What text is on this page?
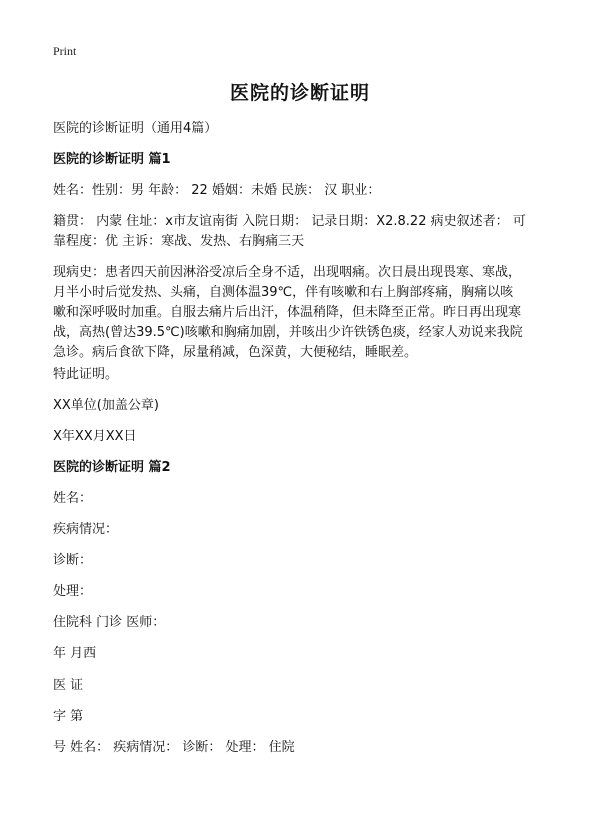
Print
医院的诊断证明
医院的诊断证明（通用4篇）
医院的诊断证明 篇1
姓名：性别：男 年龄： 22 婚姻：未婚 民族： 汉 职业：
籍贯： 内蒙 住址：x市友谊南街 入院日期： 记录日期：X2.8.22 病史叙述者： 可
靠程度：优 主诉：寒战、发热、右胸痛三天
现病史：患者四天前因淋浴受凉后全身不适，出现咽痛。次日晨出现畏寒、寒战，
月半小时后觉发热、头痛，自测体温39℃，伴有咳嗽和右上胸部疼痛，胸痛以咳
嗽和深呼吸时加重。自服去痛片后出汗，体温稍降，但未降至正常。昨日再出现寒
战，高热(曾达39.5℃)咳嗽和胸痛加剧，并咳出少许铁锈色痰，经家人劝说来我院
急诊。病后食欲下降，尿量稍减，色深黄，大便秘结，睡眠差。
特此证明。
XX单位(加盖公章)
X年XX月XX日
医院的诊断证明 篇2
姓名：
疾病情况：
诊断：
处理：
住院科 门诊 医师：
年 月西
医 证
字 第
号 姓名： 疾病情况： 诊断： 处理： 住院
